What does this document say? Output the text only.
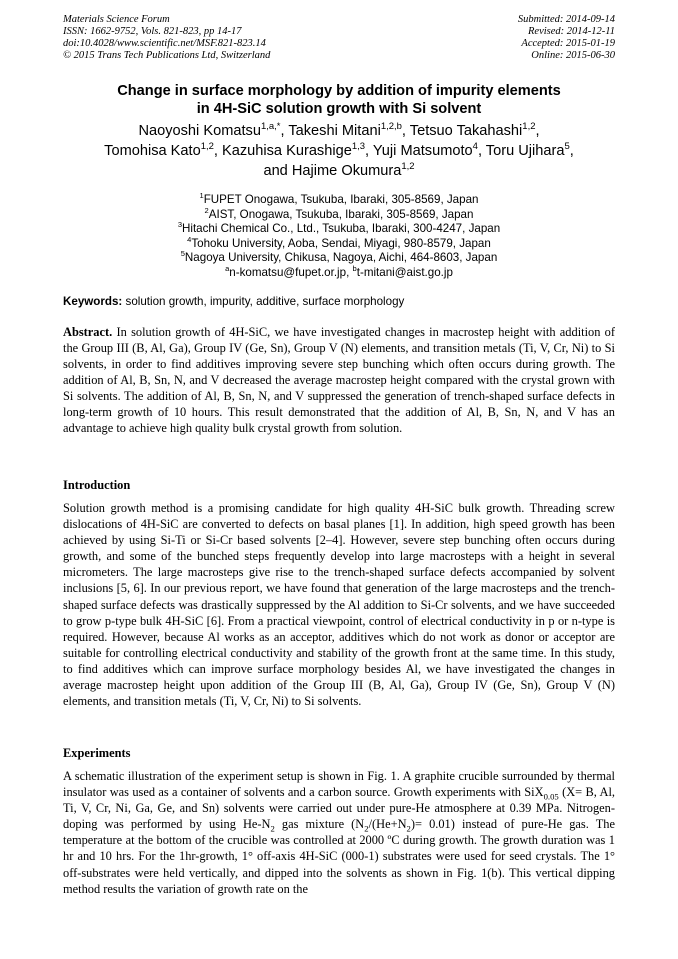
Materials Science Forum
ISSN: 1662-9752, Vols. 821-823, pp 14-17
doi:10.4028/www.scientific.net/MSF.821-823.14
© 2015 Trans Tech Publications Ltd, Switzerland
Submitted: 2014-09-14
Revised: 2014-12-11
Accepted: 2015-01-19
Online: 2015-06-30
Change in surface morphology by addition of impurity elements
in 4H-SiC solution growth with Si solvent
Naoyoshi Komatsu$^{1,a,*}$, Takeshi Mitani$^{1,2,b}$, Tetsuo Takahashi$^{1,2}$,
Tomohisa Kato$^{1,2}$, Kazuhisa Kurashige$^{1,3}$, Yuji Matsumoto$^4$, Toru Ujihara$^5$,
and Hajime Okumura$^{1,2}$
$^1$FUPET Onogawa, Tsukuba, Ibaraki, 305-8569, Japan
$^2$AIST, Onogawa, Tsukuba, Ibaraki, 305-8569, Japan
$^3$Hitachi Chemical Co., Ltd., Tsukuba, Ibaraki, 300-4247, Japan
$^4$Tohoku University, Aoba, Sendai, Miyagi, 980-8579, Japan
$^5$Nagoya University, Chikusa, Nagoya, Aichi, 464-8603, Japan
$^a$n-komatsu@fupet.or.jp, $^b$t-mitani@aist.go.jp
Keywords: solution growth, impurity, additive, surface morphology
Abstract. In solution growth of 4H-SiC, we have investigated changes in macrostep height with addition of the Group III (B, Al, Ga), Group IV (Ge, Sn), Group V (N) elements, and transition metals (Ti, V, Cr, Ni) to Si solvents, in order to find additives improving severe step bunching which often occurs during growth. The addition of Al, B, Sn, N, and V decreased the average macrostep height compared with the crystal grown with Si solvents. The addition of Al, B, Sn, N, and V suppressed the generation of trench-shaped surface defects in long-term growth of 10 hours. This result demonstrated that the addition of Al, B, Sn, N, and V has an advantage to achieve high quality bulk crystal growth from solution.
Introduction
Solution growth method is a promising candidate for high quality 4H-SiC bulk growth. Threading screw dislocations of 4H-SiC are converted to defects on basal planes [1]. In addition, high speed growth has been achieved by using Si-Ti or Si-Cr based solvents [2–4]. However, severe step bunching often occurs during growth, and some of the bunched steps frequently develop into large macrosteps with a height in several micrometers. The large macrosteps give rise to the trench-shaped surface defects accompanied by solvent inclusions [5, 6]. In our previous report, we have found that generation of the large macrosteps and the trench-shaped surface defects was drastically suppressed by the Al addition to Si-Cr solvents, and we have succeeded to grow p-type bulk 4H-SiC [6]. From a practical viewpoint, control of electrical conductivity in p or n-type is required. However, because Al works as an acceptor, additives which do not work as donor or acceptor are suitable for controlling electrical conductivity and stability of the growth front at the same time. In this study, to find additives which can improve surface morphology besides Al, we have investigated the changes in average macrostep height upon addition of the Group III (B, Al, Ga), Group IV (Ge, Sn), Group V (N) elements, and transition metals (Ti, V, Cr, Ni) to Si solvents.
Experiments
A schematic illustration of the experiment setup is shown in Fig. 1. A graphite crucible surrounded by thermal insulator was used as a container of solvents and a carbon source. Growth experiments with SiX$_{0.05}$ (X= B, Al, Ti, V, Cr, Ni, Ga, Ge, and Sn) solvents were carried out under pure-He atmosphere at 0.39 MPa. Nitrogen-doping was performed by using $He-N_2$ gas mixture $(N_2/(He+N_2)= 0.01)$ instead of pure-He gas. The temperature at the bottom of the crucible was controlled at 2000 ºC during growth. The growth duration was 1 hr and 10 hrs. For the 1hr-growth, 1° off-axis 4H-SiC (000-1) substrates were used for seed crystals. The 1° off-substrates were held vertically, and dipped into the solvents as shown in Fig. 1(b). This vertical dipping method results the variation of growth rate on the
